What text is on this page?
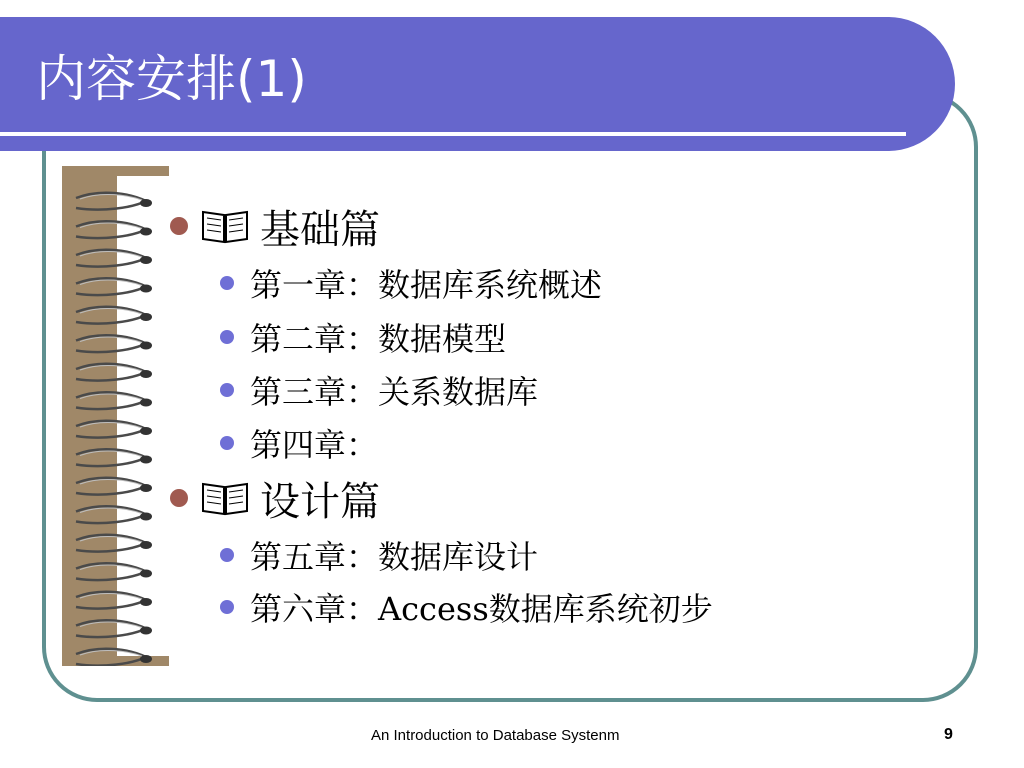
内容安排(1)
基础篇
第一章：数据库系统概述
第二章：数据模型
第三章：关系数据库
第四章：
设计篇
第五章：数据库设计
第六章：Access数据库系统初步
An Introduction to Database Systenm	9
